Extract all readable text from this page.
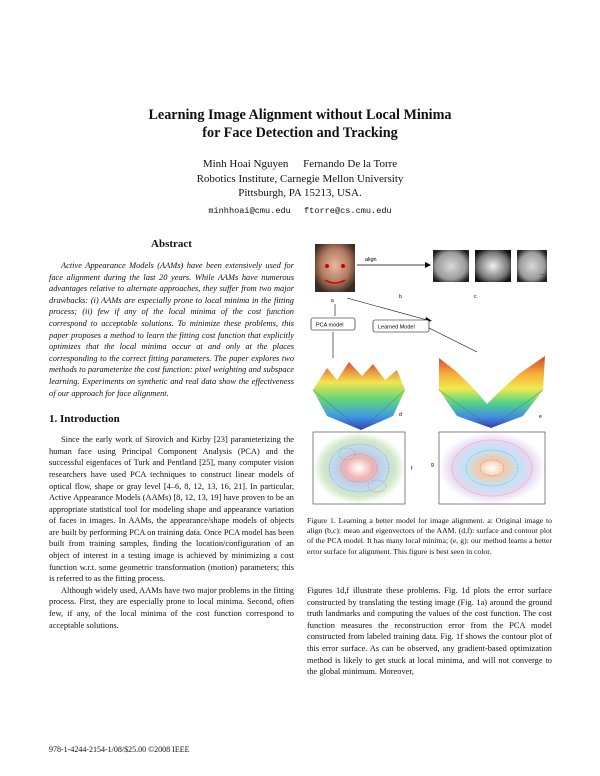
Learning Image Alignment without Local Minima
for Face Detection and Tracking
Minh Hoai Nguyen Fernando De la Torre
Robotics Institute, Carnegie Mellon University
Pittsburgh, PA 15213, USA.
minhhoai@cmu.edu ftorre@cs.cmu.edu
Abstract

Active Appearance Models (AAMs) have been extensively used for face alignment during the last 20 years. While AAMs have numerous advantages relative to alternate approaches, they suffer from two major drawbacks: (i) AAMs are especially prone to local minima in the fitting process; (ii) few if any of the local minima of the cost function correspond to acceptable solutions. To minimize these problems, this paper proposes a method to learn the fitting cost function that explicitly optimizes that the local minima occur at and only at the places corresponding to the correct fitting parameters. The paper explores two methods to parameterize the cost function: pixel weighting and subspace learning. Experiments on synthetic and real data show the effectiveness of our approach for face alignment.

1. Introduction

Since the early work of Sirovich and Kirby [23] parameterizing the human face using Principal Component Analysis (PCA) and the successful eigenfaces of Turk and Pentland [25], many computer vision researchers have used PCA techniques to construct linear models of optical flow, shape or gray level [4–6, 8, 12, 13, 16, 21]. In particular, Active Appearance Models (AAMs) [8, 12, 13, 19] have proven to be an appropriate statistical tool for modeling shape and appearance variation of faces in images. In AAMs, the appearance/shape models of objects are built by performing PCA on training data. Once PCA model has been built from training samples, finding the location/configuration of an object of interest in a testing image is achieved by minimizing a cost function w.r.t. some geometric transformation (motion) parameters; this is referred to as the fitting process.

Although widely used, AAMs have two major problems in the fitting process. First, they are especially prone to local minima. Second, often few, if any, of the local minima of the cost function correspond to acceptable solutions.

a
align
...
b	c
PCA model	Learned Model
d	e
f
g

Figure 1. Learning a better model for image alignment. a: Original image to align (b,c): mean and eigenvectors of the AAM. (d,f): surface and contour plot of the PCA model. It has many local minima; (e, g): our method learns a better error surface for alignment. This figure is best seen in color.

Figures 1d,f illustrate these problems. Fig. 1d plots the error surface constructed by translating the testing image (Fig. 1a) around the ground truth landmarks and computing the values of the cost function. The cost function measures the reconstruction error from the PCA model constructed from labeled training data. Fig. 1f shows the contour plot of this error surface. As can be observed, any gradient-based optimization method is likely to get stuck at local minima, and will not converge to the global minimum. Moreover,

978-1-4244-2154-1/08/$25.00 ©2008 IEEE
